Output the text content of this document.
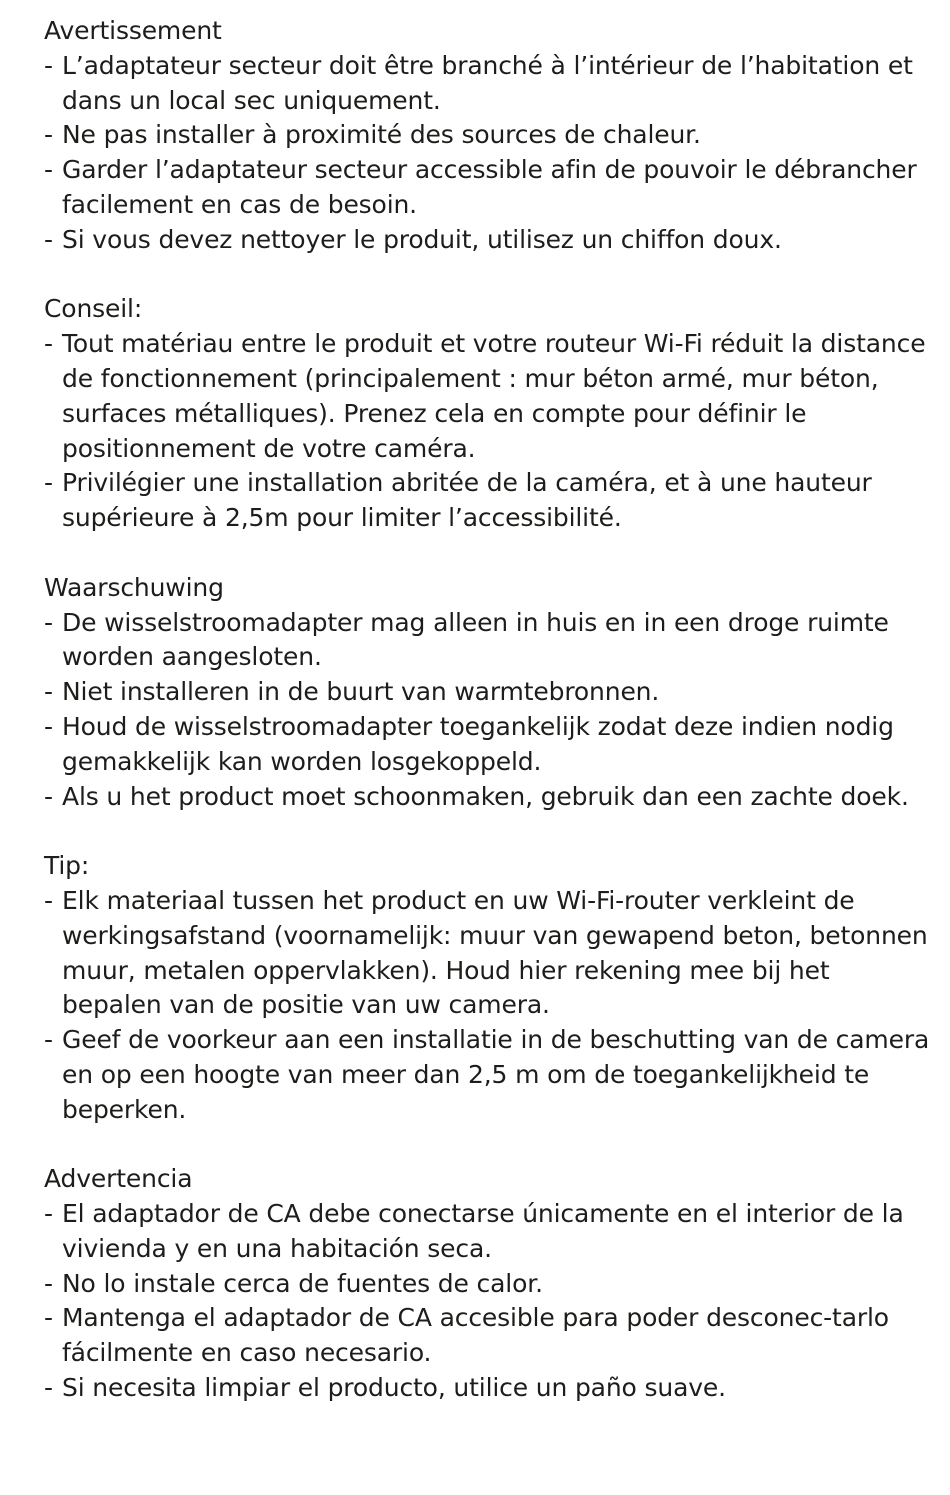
Avertissement

- L’adaptateur secteur doit être branché à l’intérieur de l’habitation et dans un local sec uniquement.
- Ne pas installer à proximité des sources de chaleur.
- Garder l’adaptateur secteur accessible afin de pouvoir le débrancher facilement en cas de besoin.
- Si vous devez nettoyer le produit, utilisez un chiffon doux.

Conseil:

- Tout matériau entre le produit et votre routeur Wi-Fi réduit la distance de fonctionnement (principalement : mur béton armé, mur béton, surfaces métalliques). Prenez cela en compte pour définir le positionnement de votre caméra.
- Privilégier une installation abritée de la caméra, et à une hauteur supérieure à 2,5m pour limiter l’accessibilité.

Waarschuwing

- De wisselstroomadapter mag alleen in huis en in een droge ruimte worden aangesloten.
- Niet installeren in de buurt van warmtebronnen.
- Houd de wisselstroomadapter toegankelijk zodat deze indien nodig gemakkelijk kan worden losgekoppeld.
- Als u het product moet schoonmaken, gebruik dan een zachte doek.

Tip:

- Elk materiaal tussen het product en uw Wi-Fi-router verkleint de werkingsafstand (voornamelijk: muur van gewapend beton, betonnen muur, metalen oppervlakken). Houd hier rekening mee bij het bepalen van de positie van uw camera.
- Geef de voorkeur aan een installatie in de beschutting van de camera en op een hoogte van meer dan 2,5 m om de toegankelijkheid te beperken.

Advertencia

- El adaptador de CA debe conectarse únicamente en el interior de la vivienda y en una habitación seca.
- No lo instale cerca de fuentes de calor.
- Mantenga el adaptador de CA accesible para poder desconec-tarlo fácilmente en caso necesario.
- Si necesita limpiar el producto, utilice un paño suave.
